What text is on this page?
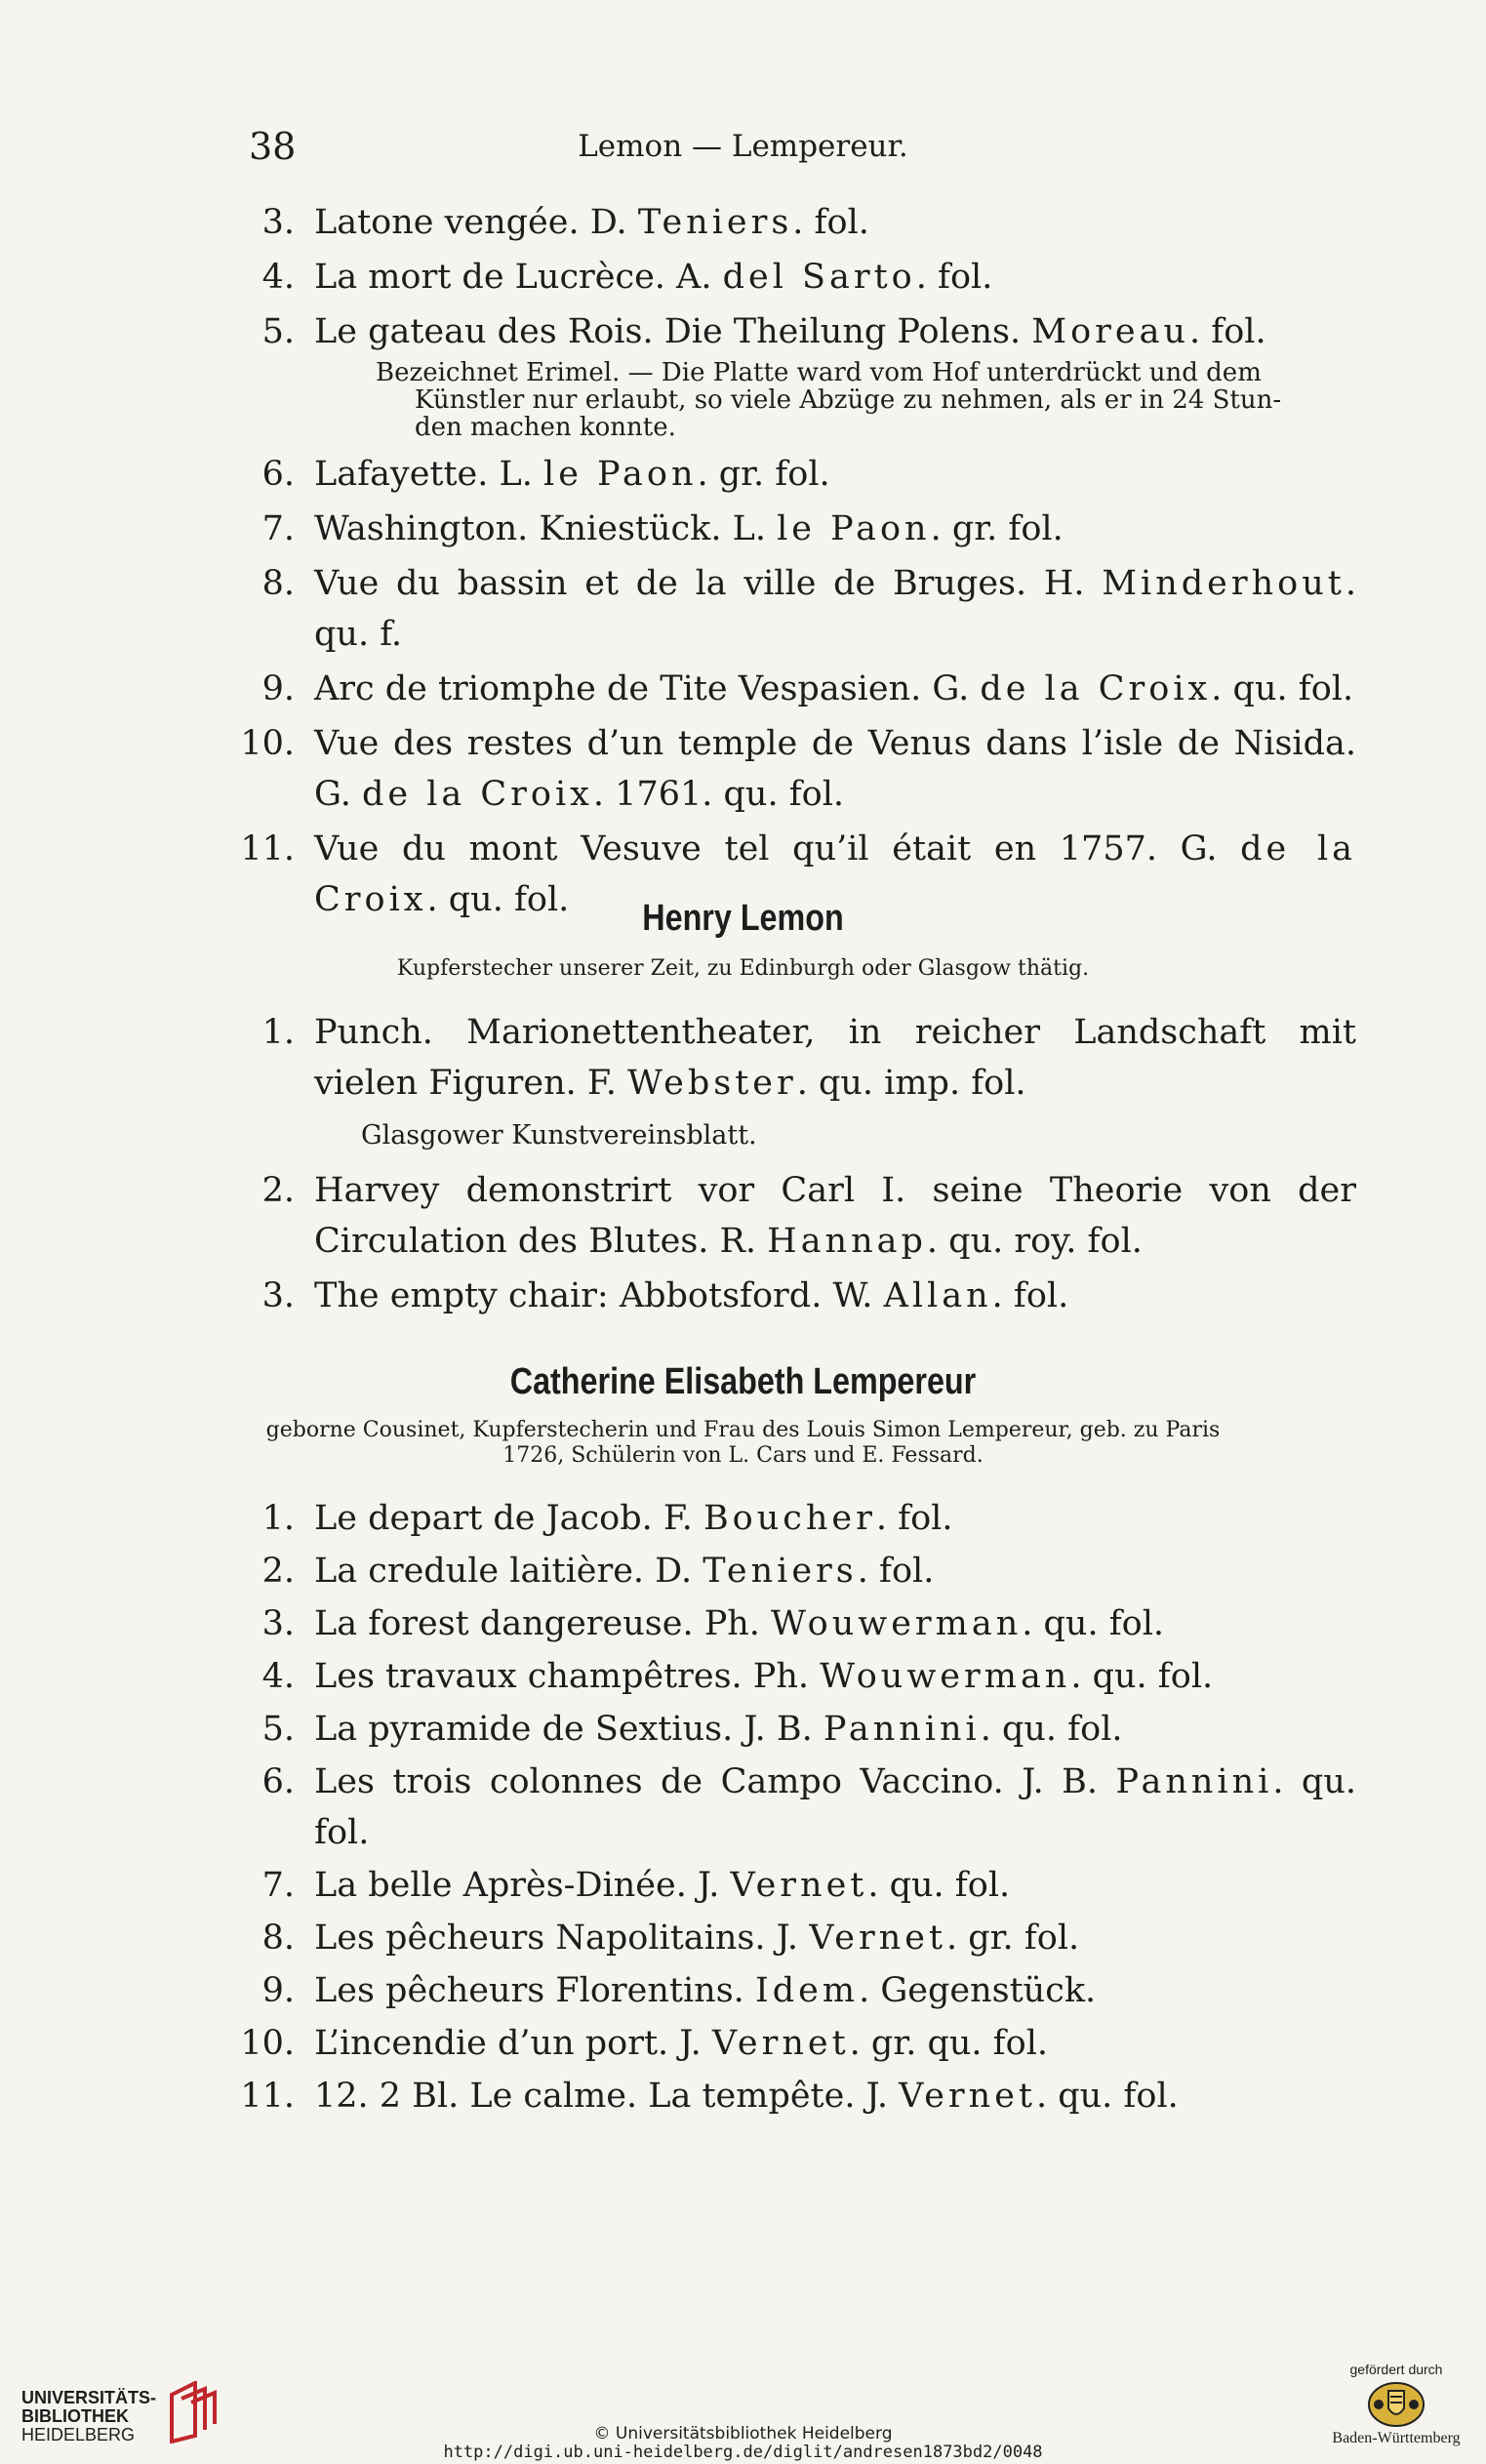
38	Lemon — Lempereur.
3. Latone vengée. D. Teniers. fol.
4. La mort de Lucrèce. A. del Sarto. fol.
5. Le gateau des Rois. Die Theilung Polens. Moreau. fol.
Bezeichnet Erimel. — Die Platte ward vom Hof unterdrückt und dem
Künstler nur erlaubt, so viele Abzüge zu nehmen, als er in 24 Stun-
den machen konnte.
6. Lafayette. L. le Paon. gr. fol.
7. Washington. Kniestück. L. le Paon. gr. fol.
8. Vue du bassin et de la ville de Bruges. H. Minderhout. qu. f.
9. Arc de triomphe de Tite Vespasien. G. de la Croix. qu. fol.
10. Vue des restes d’un temple de Venus dans l’isle de Nisida. G. de la Croix. 1761. qu. fol.
11. Vue du mont Vesuve tel qu’il était en 1757. G. de la Croix. qu. fol.	Henry Lemon
Kupferstecher unserer Zeit, zu Edinburgh oder Glasgow thätig.
1. Punch. Marionettentheater, in reicher Landschaft mit vielen Figuren. F. Webster. qu. imp. fol.
Glasgower Kunstvereinsblatt.
2. Harvey demonstrirt vor Carl I. seine Theorie von der Circulation des Blutes. R. Hannap. qu. roy. fol.
3. The empty chair: Abbotsford. W. Allan. fol.
Catherine Elisabeth Lempereur
geborne Cousinet, Kupferstecherin und Frau des Louis Simon Lempereur, geb. zu Paris
1726, Schülerin von L. Cars und E. Fessard.
1. Le depart de Jacob. F. Boucher. fol.
2. La credule laitière. D. Teniers. fol.
3. La forest dangereuse. Ph. Wouwerman. qu. fol.
4. Les travaux champêtres. Ph. Wouwerman. qu. fol.
5. La pyramide de Sextius. J. B. Pannini. qu. fol.
6. Les trois colonnes de Campo Vaccino. J. B. Pannini. qu. fol.
7. La belle Après-Dinée. J. Vernet. qu. fol.
8. Les pêcheurs Napolitains. J. Vernet. gr. fol.
9. Les pêcheurs Florentins. Idem. Gegenstück.
10. L’incendie d’un port. J. Vernet. gr. qu. fol.
11. 12. 2 Bl. Le calme. La tempête. J. Vernet. qu. fol.
UNIVERSITÄTS-
BIBLIOTHEK
HEIDELBERG	© Universitätsbibliothek Heidelberg
http://digi.ub.uni-heidelberg.de/diglit/andresen1873bd2/0048
gefördert durch
Baden-Württemberg
